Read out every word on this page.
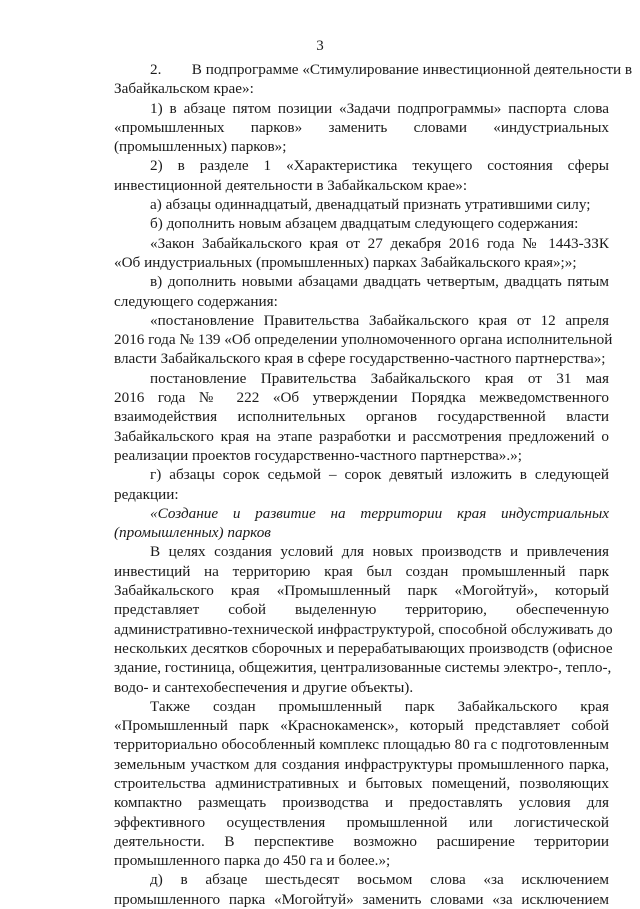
3
2.  В подпрограмме «Стимулирование инвестиционной деятельности в
Забайкальском крае»:
1) в абзаце пятом позиции «Задачи подпрограммы» паспорта слова
«промышленных парков» заменить словами «индустриальных
(промышленных) парков»;
2) в разделе 1 «Характеристика текущего состояния сферы
инвестиционной деятельности в Забайкальском крае»:
а) абзацы одиннадцатый, двенадцатый признать утратившими силу;
б) дополнить новым абзацем двадцатым следующего содержания:
«Закон Забайкальского края от 27 декабря 2016 года № 1443-ЗЗК
«Об индустриальных (промышленных) парках Забайкальского края»;»;
в) дополнить новыми абзацами двадцать четвертым, двадцать пятым
следующего содержания:
«постановление Правительства Забайкальского края от 12 апреля
2016 года № 139 «Об определении уполномоченного органа исполнительной
власти Забайкальского края в сфере государственно-частного партнерства»;
постановление Правительства Забайкальского края от 31 мая
2016 года № 222 «Об утверждении Порядка межведомственного
взаимодействия исполнительных органов государственной власти
Забайкальского края на этапе разработки и рассмотрения предложений о
реализации проектов государственно-частного партнерства».»;
г) абзацы сорок седьмой – сорок девятый изложить в следующей
редакции:
«Создание и развитие на территории края индустриальных
(промышленных) парков
В целях создания условий для новых производств и привлечения
инвестиций на территорию края был создан промышленный парк
Забайкальского края «Промышленный парк «Могойтуй», который
представляет собой выделенную территорию, обеспеченную
административно-технической инфраструктурой, способной обслуживать до
нескольких десятков сборочных и перерабатывающих производств (офисное
здание, гостиница, общежития, централизованные системы электро-, тепло-,
водо- и сантехобеспечения и другие объекты).
Также создан промышленный парк Забайкальского края
«Промышленный парк «Краснокаменск», который представляет собой
территориально обособленный комплекс площадью 80 га с подготовленным
земельным участком для создания инфраструктуры промышленного парка,
строительства административных и бытовых помещений, позволяющих
компактно размещать производства и предоставлять условия для
эффективного осуществления промышленной или логистической
деятельности. В перспективе возможно расширение территории
промышленного парка до 450 га и более.»;
д) в абзаце шестьдесят восьмом слова «за исключением
промышленного парка «Могойтуй» заменить словами «за исключением
